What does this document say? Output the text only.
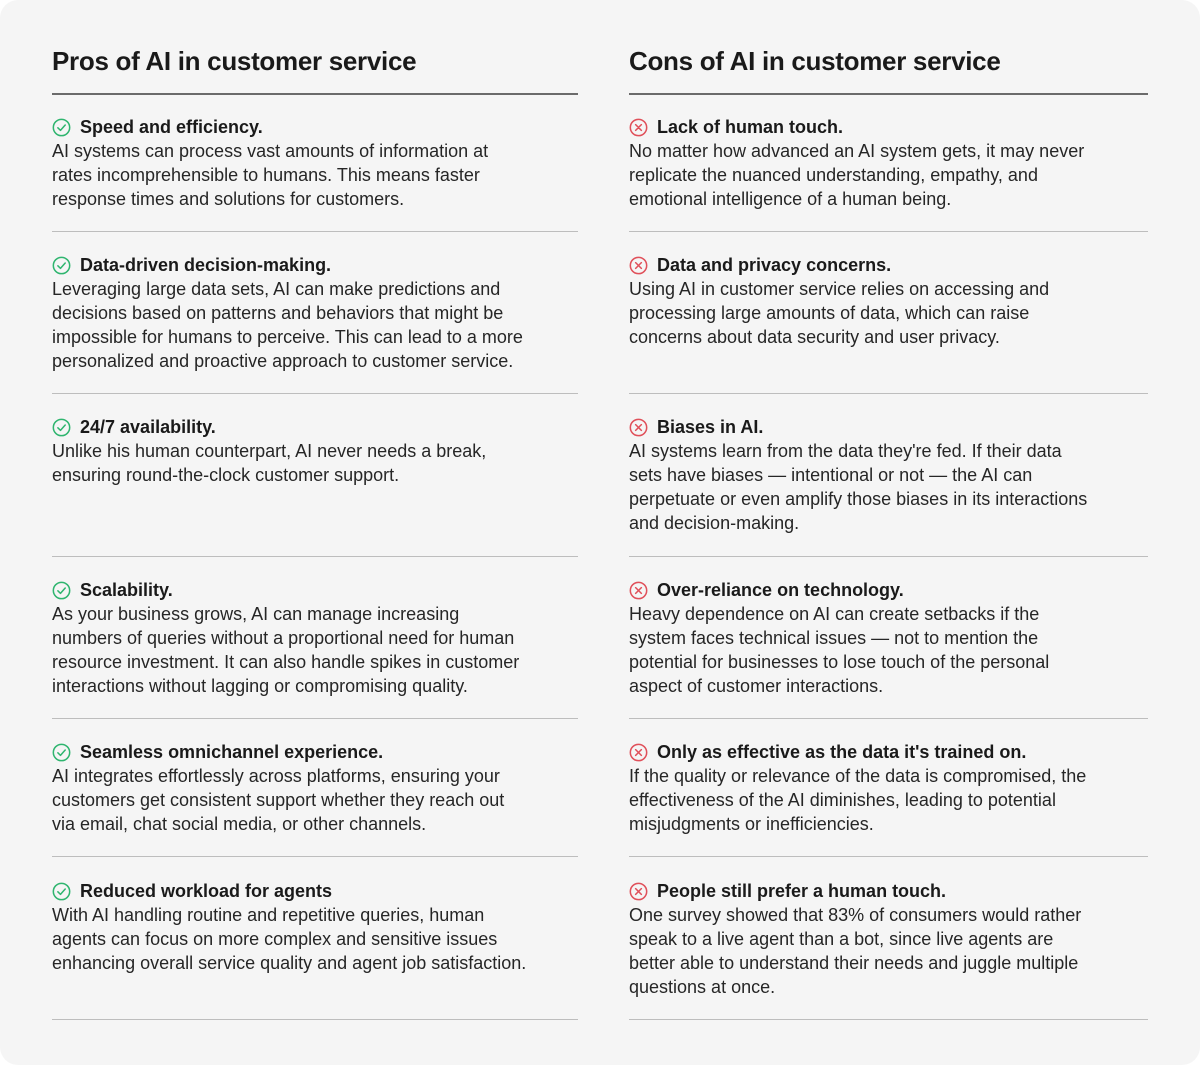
Pros of AI in customer service
Speed and efficiency.
AI systems can process vast amounts of information at
rates incomprehensible to humans. This means faster
response times and solutions for customers.
Data-driven decision-making.
Leveraging large data sets, AI can make predictions and
decisions based on patterns and behaviors that might be
impossible for humans to perceive. This can lead to a more
personalized and proactive approach to customer service.
24/7 availability.
Unlike his human counterpart, AI never needs a break,
ensuring round-the-clock customer support.
Scalability.
As your business grows, AI can manage increasing
numbers of queries without a proportional need for human
resource investment. It can also handle spikes in customer
interactions without lagging or compromising quality.
Seamless omnichannel experience.
AI integrates effortlessly across platforms, ensuring your
customers get consistent support whether they reach out
via email, chat social media, or other channels.
Reduced workload for agents
With AI handling routine and repetitive queries, human
agents can focus on more complex and sensitive issues
enhancing overall service quality and agent job satisfaction.
Cons of AI in customer service
Lack of human touch.
No matter how advanced an AI system gets, it may never
replicate the nuanced understanding, empathy, and
emotional intelligence of a human being.
Data and privacy concerns.
Using AI in customer service relies on accessing and
processing large amounts of data, which can raise
concerns about data security and user privacy.
Biases in AI.
AI systems learn from the data they're fed. If their data
sets have biases — intentional or not — the AI can
perpetuate or even amplify those biases in its interactions
and decision-making.
Over-reliance on technology.
Heavy dependence on AI can create setbacks if the
system faces technical issues — not to mention the
potential for businesses to lose touch of the personal
aspect of customer interactions.
Only as effective as the data it's trained on.
If the quality or relevance of the data is compromised, the
effectiveness of the AI diminishes, leading to potential
misjudgments or inefficiencies.
People still prefer a human touch.
One survey showed that 83% of consumers would rather
speak to a live agent than a bot, since live agents are
better able to understand their needs and juggle multiple
questions at once.
